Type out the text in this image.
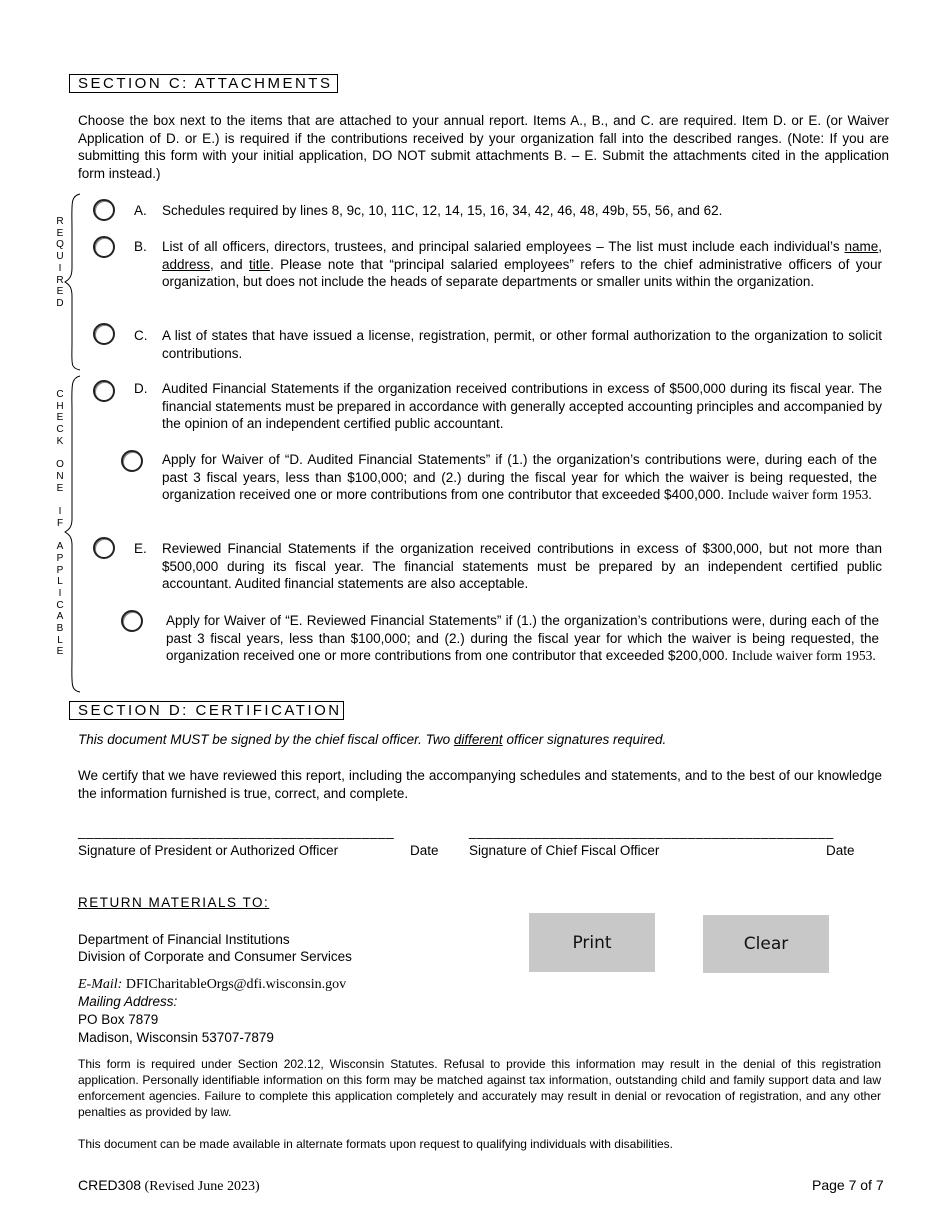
SECTION C: ATTACHMENTS
Choose the box next to the items that are attached to your annual report. Items A., B., and C. are required. Item D. or E. (or Waiver Application of D. or E.) is required if the contributions received by your organization fall into the described ranges. (Note: If you are submitting this form with your initial application, DO NOT submit attachments B. – E. Submit the attachments cited in the application form instead.)
R
E
Q
U
I
R
E
D
C
H
E
C
K
O
N
E
I
F
A
P
P
L
I
C
A
B
L
E
A. Schedules required by lines 8, 9c, 10, 11C, 12, 14, 15, 16, 34, 42, 46, 48, 49b, 55, 56, and 62.
B. List of all officers, directors, trustees, and principal salaried employees – The list must include each individual’s name, address, and title. Please note that “principal salaried employees” refers to the chief administrative officers of your organization, but does not include the heads of separate departments or smaller units within the organization.
C. A list of states that have issued a license, registration, permit, or other formal authorization to the organization to solicit contributions.
D. Audited Financial Statements if the organization received contributions in excess of $500,000 during its fiscal year. The financial statements must be prepared in accordance with generally accepted accounting principles and accompanied by the opinion of an independent certified public accountant.
Apply for Waiver of “D. Audited Financial Statements” if (1.) the organization’s contributions were, during each of the past 3 fiscal years, less than $100,000; and (2.) during the fiscal year for which the waiver is being requested, the organization received one or more contributions from one contributor that exceeded $400,000. Include waiver form 1953.
E. Reviewed Financial Statements if the organization received contributions in excess of $300,000, but not more than $500,000 during its fiscal year. The financial statements must be prepared by an independent certified public accountant. Audited financial statements are also acceptable.
Apply for Waiver of “E. Reviewed Financial Statements” if (1.) the organization’s contributions were, during each of the past 3 fiscal years, less than $100,000; and (2.) during the fiscal year for which the waiver is being requested, the organization received one or more contributions from one contributor that exceeded $200,000. Include waiver form 1953.
SECTION D: CERTIFICATION
This document MUST be signed by the chief fiscal officer. Two different officer signatures required.
We certify that we have reviewed this report, including the accompanying schedules and statements, and to the best of our knowledge the information furnished is true, correct, and complete.
_______________________________________	_____________________________________________
Signature of President or Authorized Officer	Date Signature of Chief Fiscal Officer	Date
RETURN MATERIALS TO:
Department of Financial Institutions
Division of Corporate and Consumer Services
E-Mail: DFICharitableOrgs@dfi.wisconsin.gov
Mailing Address:
PO Box 7879
Madison, Wisconsin 53707-7879
Print	Clear
This form is required under Section 202.12, Wisconsin Statutes. Refusal to provide this information may result in the denial of this registration application. Personally identifiable information on this form may be matched against tax information, outstanding child and family support data and law enforcement agencies. Failure to complete this application completely and accurately may result in denial or revocation of registration, and any other penalties as provided by law.
This document can be made available in alternate formats upon request to qualifying individuals with disabilities.
CRED308 (Revised June 2023)	Page 7 of 7
